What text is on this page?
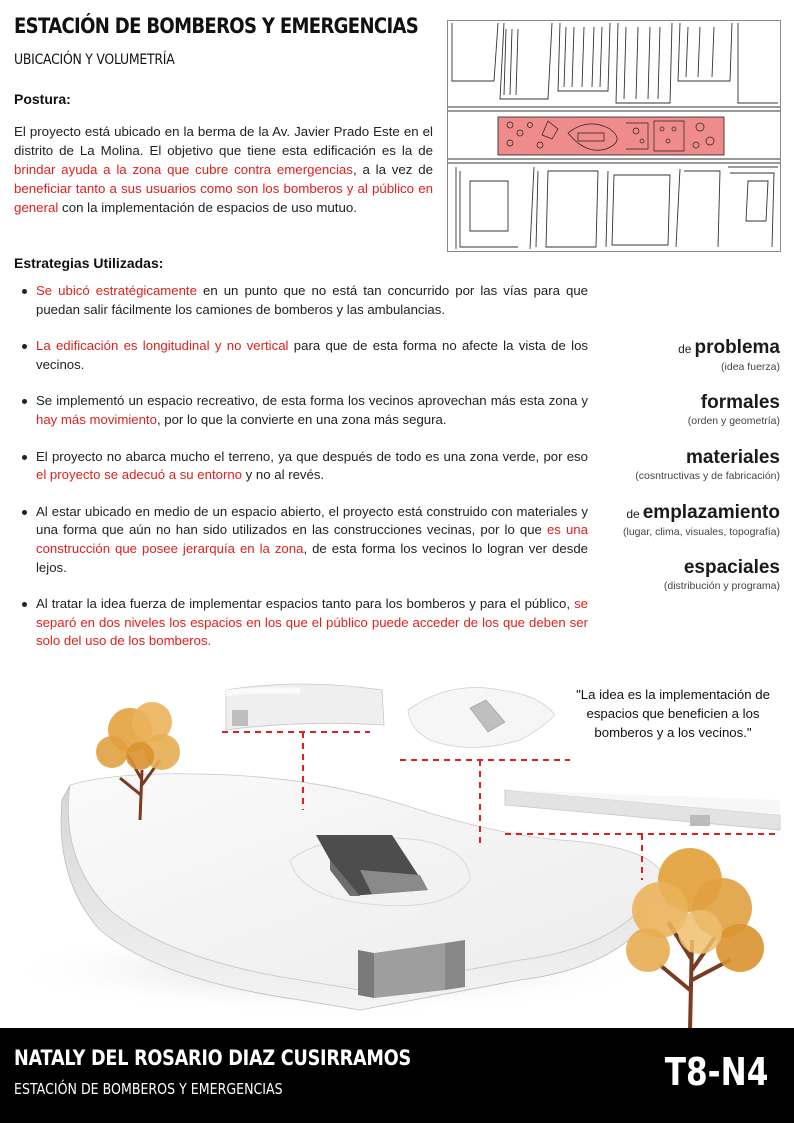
ESTACIÓN DE BOMBEROS Y EMERGENCIAS
UBICACIÓN Y VOLUMETRÍA
Postura:
El proyecto está ubicado en la berma de la Av. Javier Prado Este en el distrito de La Molina. El objetivo que tiene esta edificación es la de brindar ayuda a la zona que cubre contra emergencias, a la vez de beneficiar tanto a sus usuarios como son los bomberos y al público en general con la implementación de espacios de uso mutuo.
Estrategias Utilizadas:
Se ubicó estratégicamente en un punto que no está tan concurrido por las vías para que puedan salir fácilmente los camiones de bomberos y las ambulancias.
La edificación es longitudinal y no vertical para que de esta forma no afecte la vista de los vecinos.
Se implementó un espacio recreativo, de esta forma los vecinos aprovechan más esta zona y hay más movimiento, por lo que la convierte en una zona más segura.
El proyecto no abarca mucho el terreno, ya que después de todo es una zona verde, por eso el proyecto se adecuó a su entorno y no al revés.
Al estar ubicado en medio de un espacio abierto, el proyecto está construido con materiales y una forma que aún no han sido utilizados en las construcciones vecinas, por lo que es una construcción que posee jerarquía en la zona, de esta forma los vecinos lo logran ver desde lejos.
Al tratar la idea fuerza de implementar espacios tanto para los bomberos y para el público, se separó en dos niveles los espacios en los que el público puede acceder de los que deben ser solo del uso de los bomberos.
de problema
(idea fuerza)
formales
(orden y geometría)
materiales
(cosntructivas y de fabricación)
de emplazamiento
(lugar, clima, visuales, topografía)
espaciales
(distribución y programa)
"La idea es la implementación de espacios que beneficien a los bomberos y a los vecinos."
NATALY DEL ROSARIO DIAZ CUSIRRAMOS
ESTACIÓN DE BOMBEROS Y EMERGENCIAS	T8-N4
